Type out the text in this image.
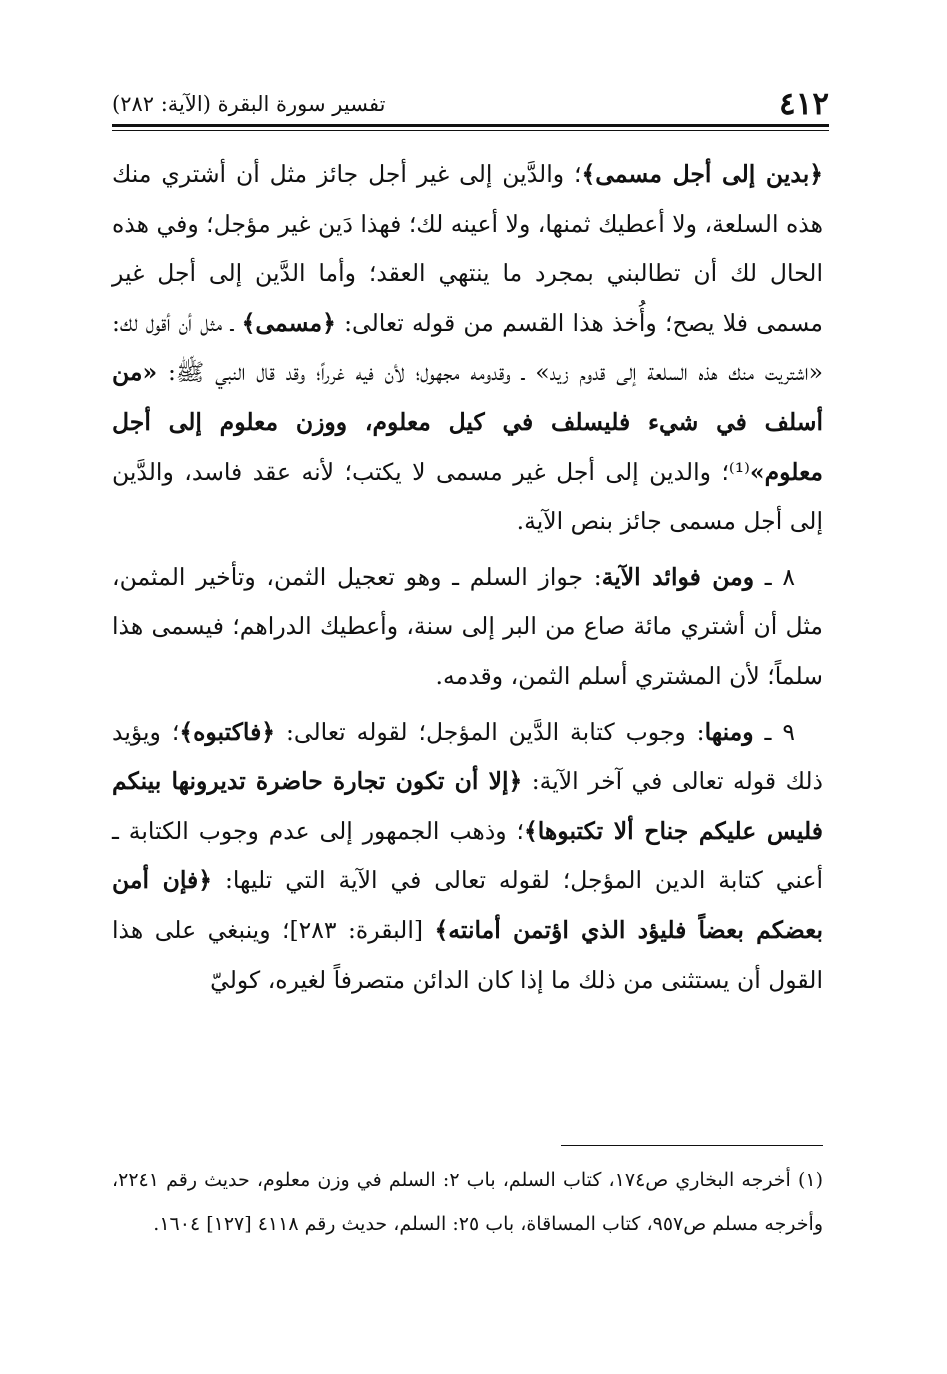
٤١٢
تفسير سورة البقرة (الآية: ٢٨٢)

﴿بدين إلى أجل مسمى﴾؛ والدَّين إلى غير أجل جائز مثل أن أشتري منك هذه السلعة، ولا أعطيك ثمنها، ولا أعينه لك؛ فهذا دَين غير مؤجل؛ وفي هذه الحال لك أن تطالبني بمجرد ما ينتهي العقد؛ وأما الدَّين إلى أجل غير مسمى فلا يصح؛ وأُخذ هذا القسم من قوله تعالى: ﴿مسمى﴾ ـ مثل أن أقول لك: «اشتريت منك هذه السلعة إلى قدوم زيد» ـ وقدومه مجهول؛ لأن فيه غرراً؛ وقد قال النبي ﷺ: «من أسلف في شيء فليسلف في كيل معلوم، ووزن معلوم إلى أجل معلوم»⁽¹⁾؛ والدين إلى أجل غير مسمى لا يكتب؛ لأنه عقد فاسد، والدَّين إلى أجل مسمى جائز بنص الآية.

٨ ـ ومن فوائد الآية: جواز السلم ـ وهو تعجيل الثمن، وتأخير المثمن، مثل أن أشتري مائة صاع من البر إلى سنة، وأعطيك الدراهم؛ فيسمى هذا سلماً؛ لأن المشتري أسلم الثمن، وقدمه.

٩ ـ ومنها: وجوب كتابة الدَّين المؤجل؛ لقوله تعالى: ﴿فاكتبوه﴾؛ ويؤيد ذلك قوله تعالى في آخر الآية: ﴿إلا أن تكون تجارة حاضرة تديرونها بينكم فليس عليكم جناح ألا تكتبوها﴾؛ وذهب الجمهور إلى عدم وجوب الكتابة ـ أعني كتابة الدين المؤجل؛ لقوله تعالى في الآية التي تليها: ﴿فإن أمن بعضكم بعضاً فليؤد الذي اؤتمن أمانته﴾ [البقرة: ٢٨٣]؛ وينبغي على هذا القول أن يستثنى من ذلك ما إذا كان الدائن متصرفاً لغيره، كوليّ

(١) أخرجه البخاري ص١٧٤، كتاب السلم، باب ٢: السلم في وزن معلوم، حديث رقم ٢٢٤١، وأخرجه مسلم ص٩٥٧، كتاب المساقاة، باب ٢٥: السلم، حديث رقم ٤١١٨ [١٢٧] ١٦٠٤.
